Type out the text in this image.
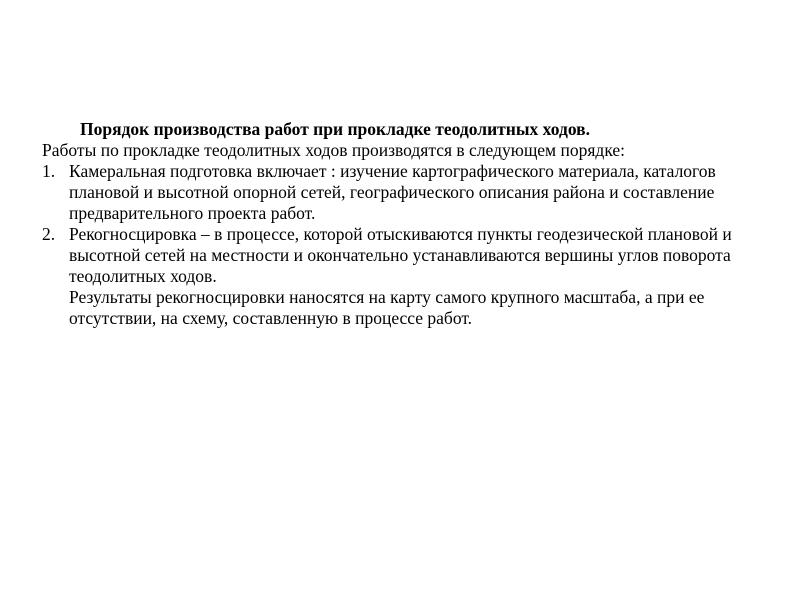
Порядок производства работ при прокладке теодолитных ходов.

Работы по прокладке теодолитных ходов производятся в следующем порядке:

1. Камеральная подготовка включает : изучение картографического материала, каталогов плановой и высотной опорной сетей, географического описания района и составление предварительного проекта работ.
2. Рекогносцировка – в процессе, которой отыскиваются пункты геодезической плановой и высотной сетей на местности и окончательно устанавливаются вершины углов поворота теодолитных ходов.

Результаты рекогносцировки наносятся на карту самого крупного масштаба, а при ее отсутствии, на схему, составленную в процессе работ.
